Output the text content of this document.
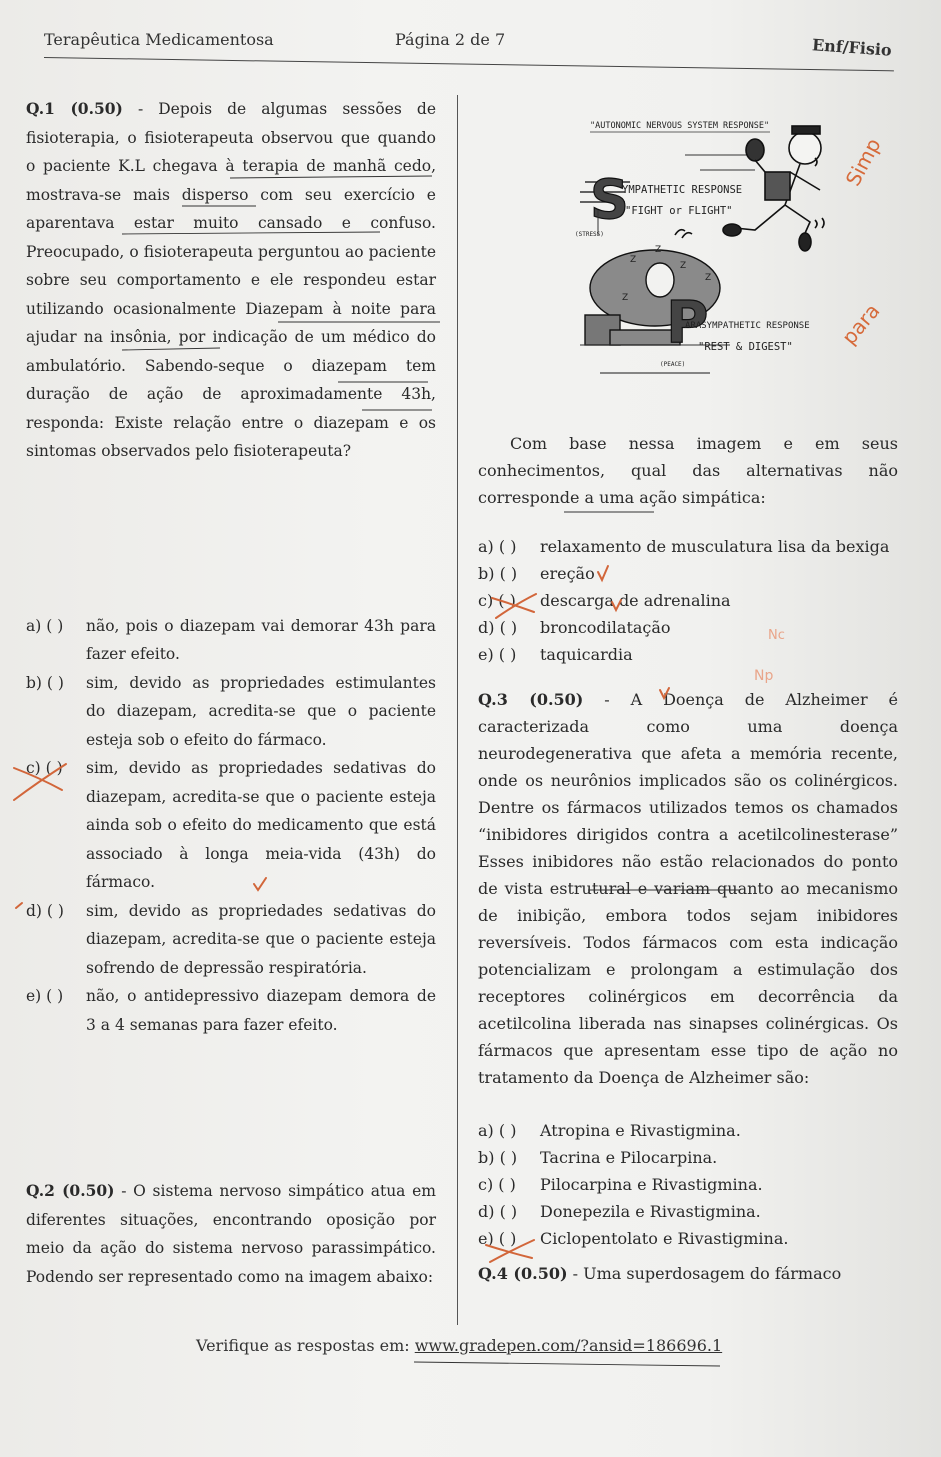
Terapêutica Medicamentosa	Página 2 de 7	Enf/Fisio
Q.1 (0.50) - Depois de algumas sessões de fisioterapia, o fisioterapeuta observou que quando o paciente K.L chegava à terapia de manhã cedo, mostrava-se mais disperso com seu exercício e aparentava estar muito cansado e confuso. Preocupado, o fisioterapeuta perguntou ao paciente sobre seu comportamento e ele respondeu estar utilizando ocasionalmente Diazepam à noite para ajudar na insônia, por indicação de um médico do ambulatório. Sabendo-seque o diazepam tem duração de ação de aproximadamente 43h, responda: Existe relação entre o diazepam e os sintomas observados pelo fisioterapeuta?
a) ( ) não, pois o diazepam vai demorar 43h para fazer efeito.
b) ( ) sim, devido as propriedades estimulantes do diazepam, acredita-se que o paciente esteja sob o efeito do fármaco.
c) ( ) sim, devido as propriedades sedativas do diazepam, acredita-se que o paciente esteja ainda sob o efeito do medicamento que está associado à longa meia-vida (43h) do fármaco.
d) ( ) sim, devido as propriedades sedativas do diazepam, acredita-se que o paciente esteja sofrendo de depressão respiratória.
e) ( ) não, o antidepressivo diazepam demora de 3 a 4 semanas para fazer efeito.
Q.2 (0.50) - O sistema nervoso simpático atua em diferentes situações, encontrando oposição por meio da ação do sistema nervoso parassimpático. Podendo ser representado como na imagem abaixo:
"AUTONOMIC NERVOUS SYSTEM RESPONSE"
S
YMPATHETIC RESPONSE
"FIGHT or FLIGHT"
(STRESS)
Z
Z
Z
Z
Z P
ARASYMPATHETIC RESPONSE
"REST & DIGEST"
(PEACE)
Com base nessa imagem e em seus conhecimentos, qual das alternativas não corresponde a uma ação simpática:
a) ( ) relaxamento de musculatura lisa da bexiga
b) ( ) ereção
c) ( ) descarga de adrenalina
d) ( ) broncodilatação
e) ( ) taquicardia
Q.3 (0.50) - A Doença de Alzheimer é caracterizada como uma doença neurodegenerativa que afeta a memória recente, onde os neurônios implicados são os colinérgicos. Dentre os fármacos utilizados temos os chamados “inibidores dirigidos contra a acetilcolinesterase” Esses inibidores não estão relacionados do ponto de vista estrutural e variam quanto ao mecanismo de inibição, embora todos sejam inibidores reversíveis. Todos fármacos com esta indicação potencializam e prolongam a estimulação dos receptores colinérgicos em decorrência da acetilcolina liberada nas sinapses colinérgicas. Os fármacos que apresentam esse tipo de ação no tratamento da Doença de Alzheimer são:
a) ( ) Atropina e Rivastigmina.
b) ( ) Tacrina e Pilocarpina.
c) ( ) Pilocarpina e Rivastigmina.
d) ( ) Donepezila e Rivastigmina.
e) ( ) Ciclopentolato e Rivastigmina.
Q.4 (0.50) - Uma superdosagem do fármaco
Simp
para
Nc
Np
Verifique as respostas em: www.gradepen.com/?ansid=186696.1
